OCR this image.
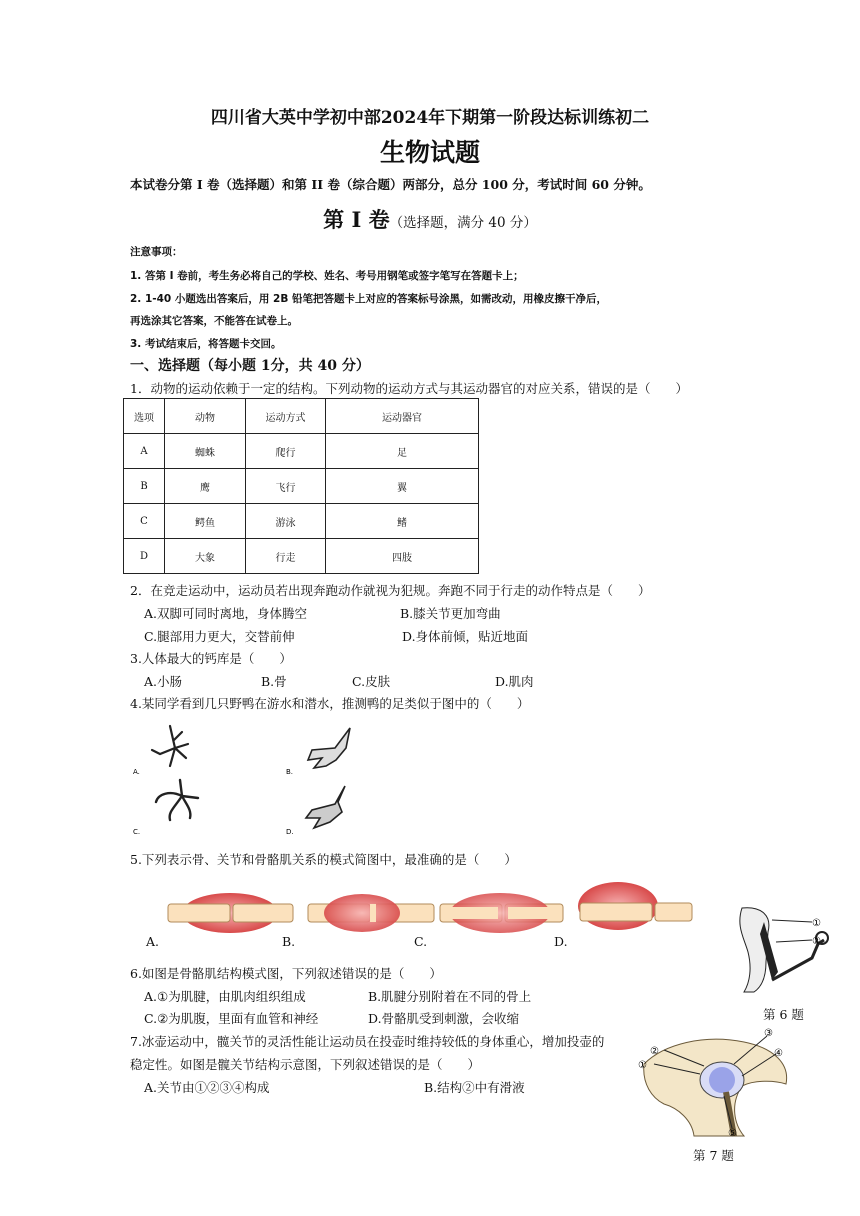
四川省大英中学初中部2024年下期第一阶段达标训练初二
生物试题
本试卷分第 I 卷（选择题）和第 II 卷（综合题）两部分，总分 100 分，考试时间 60 分钟。
第 I 卷（选择题，满分 40 分）
注意事项：
1. 答第 I 卷前，考生务必将自己的学校、姓名、考号用钢笔或签字笔写在答题卡上；
2. 1-40 小题选出答案后，用 2B 铅笔把答题卡上对应的答案标号涂黑，如需改动，用橡皮擦干净后，
再选涂其它答案，不能答在试卷上。
3. 考试结束后，将答题卡交回。
一、选择题（每小题 1分，共 40 分）
1．动物的运动依赖于一定的结构。下列动物的运动方式与其运动器官的对应关系，错误的是（　　）
选项	动物	运动方式	运动器官
A	蜘蛛	爬行	足
B	鹰	飞行	翼
C	鳄鱼	游泳	鳍
D	大象	行走	四肢
2．在竞走运动中，运动员若出现奔跑动作就视为犯规。奔跑不同于行走的动作特点是（　　）
A.双脚可同时离地，身体腾空	B.膝关节更加弯曲
C.腿部用力更大，交替前伸	D.身体前倾，贴近地面
3.人体最大的钙库是（　　）
A.小肠	B.骨	C.皮肤	D.肌肉
4.某同学看到几只野鸭在游水和潜水，推测鸭的足类似于图中的（　　）
A.	B.
C.	D.
5.下列表示骨、关节和骨骼肌关系的模式简图中，最准确的是（　　）
A.	B.	C.	D.
①
②
第 6 题
6.如图是骨骼肌结构模式图，下列叙述错误的是（　　）
A.①为肌腱，由肌肉组织组成	B.肌腱分别附着在不同的骨上
C.②为肌腹，里面有血管和神经	D.骨骼肌受到刺激，会收缩
7.冰壶运动中，髋关节的灵活性能让运动员在投壶时维持较低的身体重心，增加投壶的
稳定性。如图是髋关节结构示意图，下列叙述错误的是（　　）
A.关节由①②③④构成	B.结构②中有滑液
②
①
③
④
⑤
第 7 题
